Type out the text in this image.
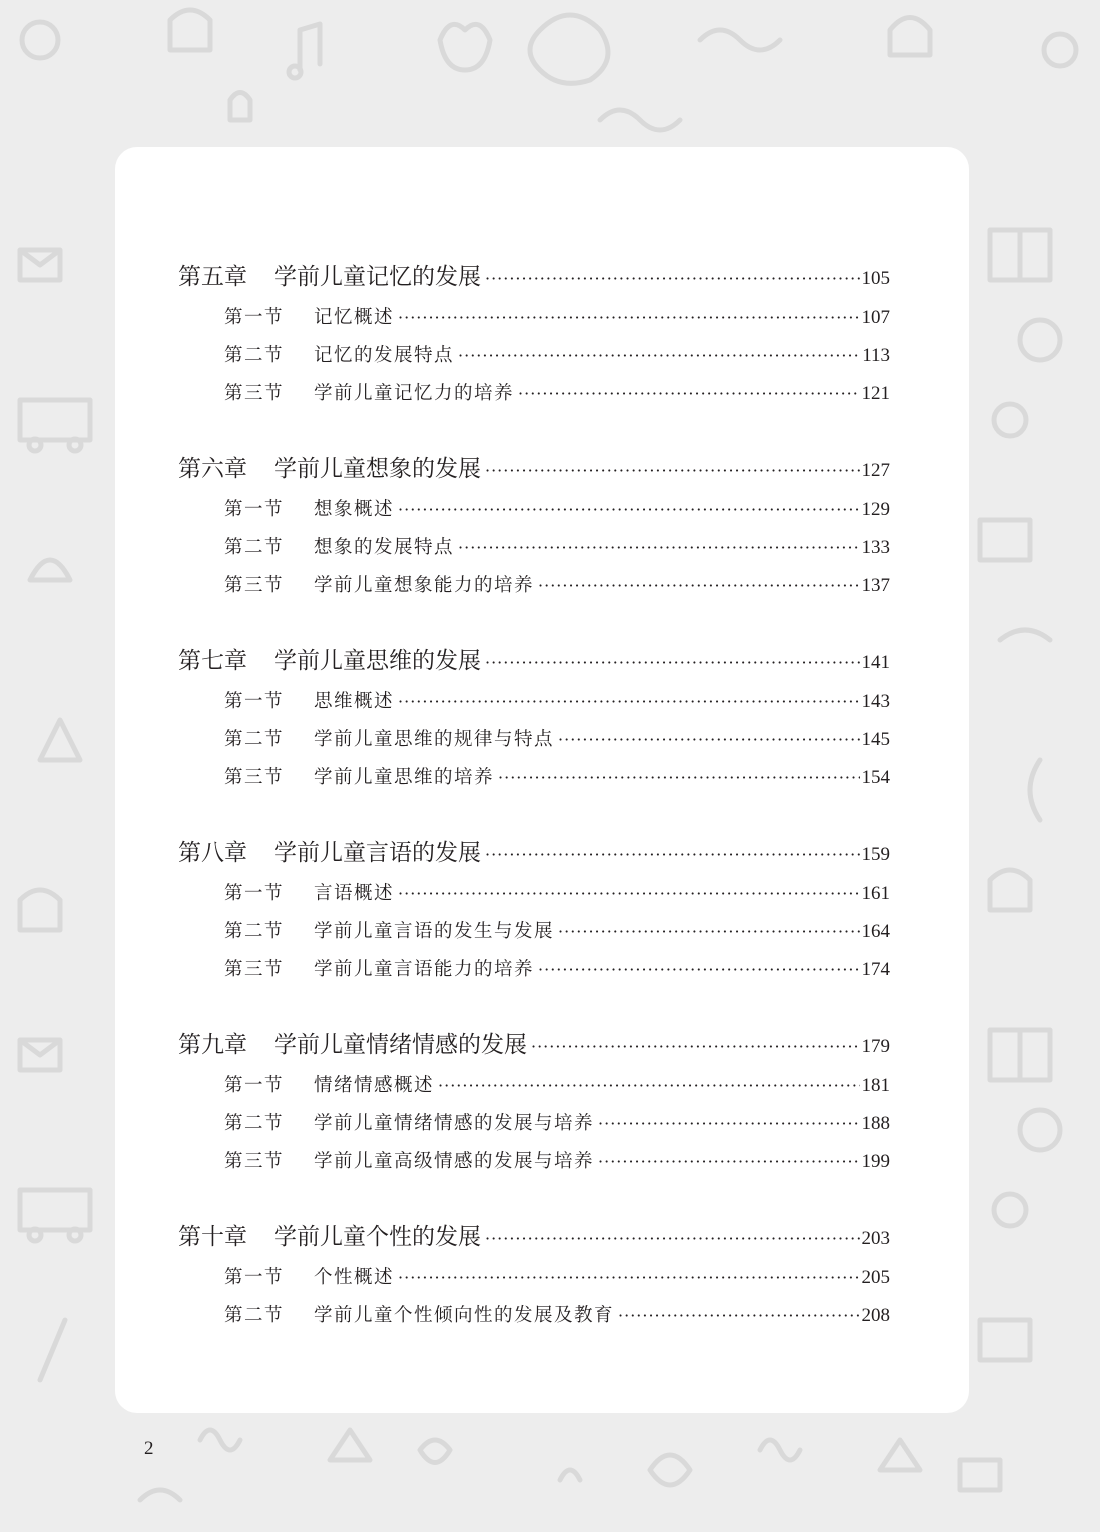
第五章	学前儿童记忆的发展 ·····	105
第一节	记忆概述 ·····	107
第二节	记忆的发展特点 ·····	113
第三节	学前儿童记忆力的培养 ·····	121
第六章	学前儿童想象的发展 ·····	127
第一节	想象概述 ·····	129
第二节	想象的发展特点 ·····	133
第三节	学前儿童想象能力的培养 ·····	137
第七章	学前儿童思维的发展 ·····	141
第一节	思维概述 ·····	143
第二节	学前儿童思维的规律与特点 ·····	145
第三节	学前儿童思维的培养 ·····	154
第八章	学前儿童言语的发展 ·····	159
第一节	言语概述 ·····	161
第二节	学前儿童言语的发生与发展 ·····	164
第三节	学前儿童言语能力的培养 ·····	174
第九章	学前儿童情绪情感的发展 ·····	179
第一节	情绪情感概述 ·····	181
第二节	学前儿童情绪情感的发展与培养 ·····	188
第三节	学前儿童高级情感的发展与培养 ·····	199
第十章	学前儿童个性的发展 ·····	203
第一节	个性概述 ·····	205
第二节	学前儿童个性倾向性的发展及教育 ·····	208
2
